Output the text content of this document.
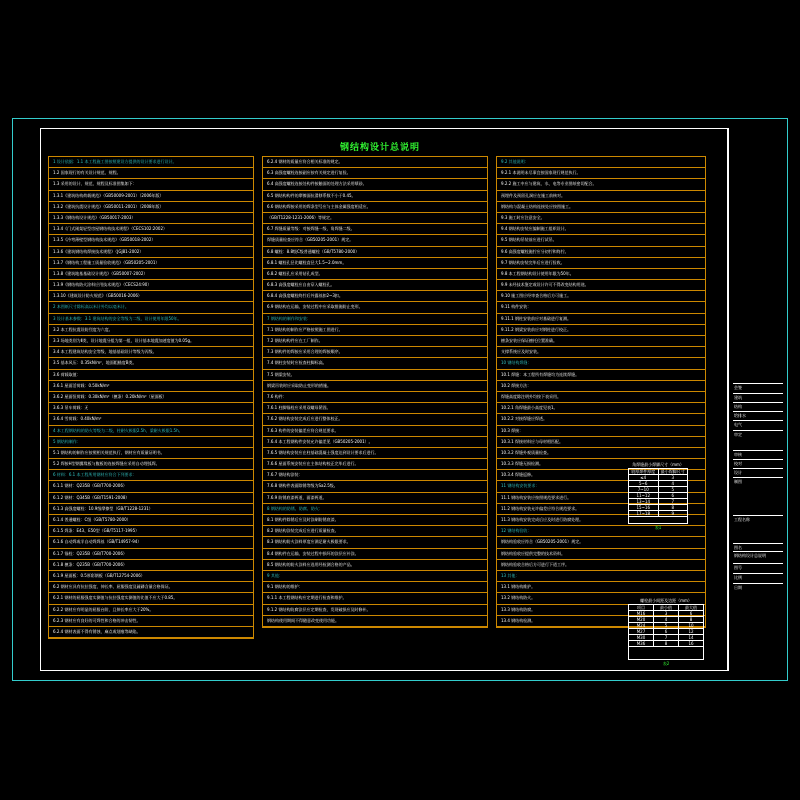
钢结构设计总说明
1 设计依据：1.1 本工程施工图按照建设方提供的设计要求进行设计。
1.2 国家现行的有关设计规范、规程。
1.3 采用的设计、规范、规程及标准图集如下：
1.3.1《建筑结构荷载规范》（GB50009-2001）（2006年版）
1.3.2《建筑抗震设计规范》（GB50011-2001）（2008年版）
1.3.3《钢结构设计规范》（GB50017-2003）
1.3.4《门式刚架轻型房屋钢结构技术规程》（CECS102:2002）
1.3.5《冷弯薄壁型钢结构技术规范》（GB50018-2002）
1.3.6《建筑钢结构焊接技术规程》（JGJ81-2002）
1.3.7《钢结构工程施工质量验收规范》（GB50205-2001）
1.3.8《建筑地基基础设计规范》（GB50007-2002）
1.3.9《钢结构防火涂料应用技术规范》（CECS24:90）
1.3.10《建筑设计防火规范》（GB50016-2006）
2 本图纸尺寸除标高以米计外均以毫米计。
3 设计基本参数：3.1 建筑结构的安全等级为二级，设计使用年限50年。
3.2 本工程抗震设防烈度为六度。
3.3 场地类别为Ⅱ类，设计地震分组为第一组，设计基本地震加速度值为0.05g。
3.4 本工程建筑结构安全等级，地基基础设计等级为丙级。
3.5 基本风压：0.35kN/m²，地面粗糙度B类。
3.6 荷载取值：
3.6.1 屋面活荷载：0.50kN/m²
3.6.2 屋面恒荷载：0.30kN/m²（檩条）0.20kN/m²（屋面板）
3.6.3 吊车荷载：无
3.6.4 雪荷载：0.40kN/m²
4 本工程钢结构的防火等级为二级，柱耐火极限2.5h，梁耐火极限1.5h。
5 钢结构制作：
5.1 钢结构的制作应按照相关规范执行，钢材应有质量证明书。
5.2 焊接H型钢翼缘板与腹板的连接焊缝应采用自动埋弧焊。
6 材料：6.1 本工程所用钢材应符合下列要求：
6.1.1 钢材：Q235B（GB/T700-2006）
6.1.2 钢材：Q345B（GB/T1591-2008）
6.1.3 高强度螺栓：10.9级摩擦型（GB/T1228-1231）
6.1.4 普通螺栓：C级（GB/T5780-2000）
6.1.5 焊条：E43、E50型（GB/T5117-1995）
6.1.6 自动焊或半自动焊焊丝（GB/T14957-94）
6.1.7 锚栓：Q235B（GB/T700-2006）
6.1.8 檩条：Q235B（GB/T700-2006）
6.1.9 屋面板：0.5厚彩钢板（GB/T12754-2006）
6.2 钢材应具有抗拉强度、伸长率、屈服强度及硫磷含量合格保证。
6.2.1 钢材的屈服强度实测值与抗拉强度实测值的比值不应大于0.85。
6.2.2 钢材应有明显的屈服台阶，且伸长率应大于20%。
6.2.3 钢材应有良好的可焊性和合格的冲击韧性。
6.2.4 钢材表面不得有锈蚀、麻点或划痕等缺陷。
6.2.4 钢材的质量应符合相关标准的规定。
6.3 高强度螺栓连接副应按有关规定进行复验。
6.4 高强度螺栓连接处构件接触面的处理方法采用喷砂。
6.5 钢结构构件的摩擦面抗滑移系数不小于0.45。
6.6 钢结构焊接采用的焊条型号应与主体金属强度相适应。
（GB/T1228-1231-2006）等规定。
6.7 焊缝质量等级：对接焊缝一级，角焊缝二级。
焊缝质量检查应符合（GB50205-2001）规定。
6.8 螺栓：8.8级C级普通螺栓（GB/T5780-2000）
6.8.1 螺栓孔径比螺栓直径大1.5~2.0mm。
6.8.2 螺栓孔应采用钻孔成型。
6.8.3 高强度螺栓应自由穿入螺栓孔。
6.8.4 高强度螺栓终拧后外露丝扣2~3扣。
6.9 钢结构在运输、安装过程中应采取措施防止变形。
7 钢结构的制作和安装：
7.1 钢结构的制作应严格按照施工图进行。
7.2 钢结构构件应在工厂制作。
7.3 钢构件的焊接应采用合理的焊接顺序。
7.4 钢柱安装时应检查柱脚标高。
7.5 钢梁安装。
钢梁吊装时应采取防止变形的措施。
7.6 构件：
7.6.1 柱脚锚栓应采用双螺母紧固。
7.6.2 钢结构安装完成后应进行整体校正。
7.6.3 构件的安装偏差应符合规范要求。
7.6.4 本工程钢构件安装允许偏差见（GB50205-2001）。
7.6.5 钢结构安装应在柱基础混凝土强度达到设计要求后进行。
7.6.6 屋面系统安装应在主体结构校正完毕后进行。
7.6.7 钢结构涂装：
7.6.8 钢构件表面除锈等级为Sa2.5级。
7.6.9 防锈底漆两道，面漆两道。
8 钢结构的防锈、防腐、防火：
8.1 钢构件除锈后应及时涂刷防锈底漆。
8.2 钢结构涂装完成后应进行质量检查。
8.3 钢结构防火涂料厚度应满足耐火极限要求。
8.4 钢构件在运输、安装过程中损坏的涂层应补涂。
8.5 钢结构的防火涂料应选用经检测合格的产品。
9 其他：
9.1 钢结构的维护：
9.1.1 本工程钢结构应定期进行检查和维护。
9.1.2 钢结构防腐涂层应定期检查，发现破损应及时修补。
钢结构使用期间不得随意改变使用功能。
9.2 其他说明：
9.2.1 本说明未尽事宜按国家现行规范执行。
9.2.2 施工中应与建筑、水、电等专业图纸密切配合。
预埋件及预留孔洞应在施工前核对。
钢结构与混凝土结构连接处应按图施工。
9.3 施工时应注意安全。
9.4 钢结构安装应编制施工组织设计。
9.5 钢结构吊装前应进行试吊。
9.6 高强度螺栓施拧应分初拧和终拧。
9.7 钢结构安装完毕后应进行验收。
9.8 本工程钢结构设计使用年限为50年。
9.9 未经技术鉴定或设计许可不得改变结构用途。
9.10 施工图应经审查合格后方可施工。
9.11 构件安装：
9.11.1 钢柱安装前应对基础进行复测。
9.11.2 钢梁安装前应对钢柱进行校正。
檩条安装应保证檩托位置准确。
支撑系统应及时安装。
10 钢结构焊缝：
10.1 焊缝：本工程所有焊缝均为连续焊缝。
10.2 焊接方法：
焊缝高度除注明外均按下表采用。
10.2.1 角焊缝最小高度见表1。
10.2.2 对接焊缝应焊透。
10.3 焊接：
10.3.1 焊接材料应与母材相匹配。
10.3.2 焊缝外观质量检查。
10.3.3 焊缝无损检测。
10.3.4 焊缝返修。
11 钢结构安装要求：
11.1 钢结构安装应按照规范要求进行。
11.2 钢结构安装允许偏差应符合规范要求。
11.3 钢结构安装完成后应及时进行防腐处理。
12 钢结构验收：
钢结构验收应符合（GB50205-2001）规定。
钢结构验收应提供完整的技术资料。
钢结构验收合格后方可进行下道工序。
13 其他：
13.1 钢结构维护。
13.2 钢结构防火。
13.3 钢结构防腐。
13.4 钢结构检测。
角焊缝最小焊脚尺寸（mm）
较厚焊件厚度	最小焊脚尺寸
≤4	3
5~6	4
7~10	5
11~12	6
13~14	7
15~16	8
17~18	9
表1
螺栓最小间距及边距（mm）
项目	最小值	最大值
M16	3	6
M20	4	8
M24	5	10
M27	6	12
M30	7	14
M36	8	16
表2
会签
建筑
结构
给排水
电气
审定
审核
校对
设计
制图
工程名称
图名
钢结构设计总说明
图号
比例
日期
